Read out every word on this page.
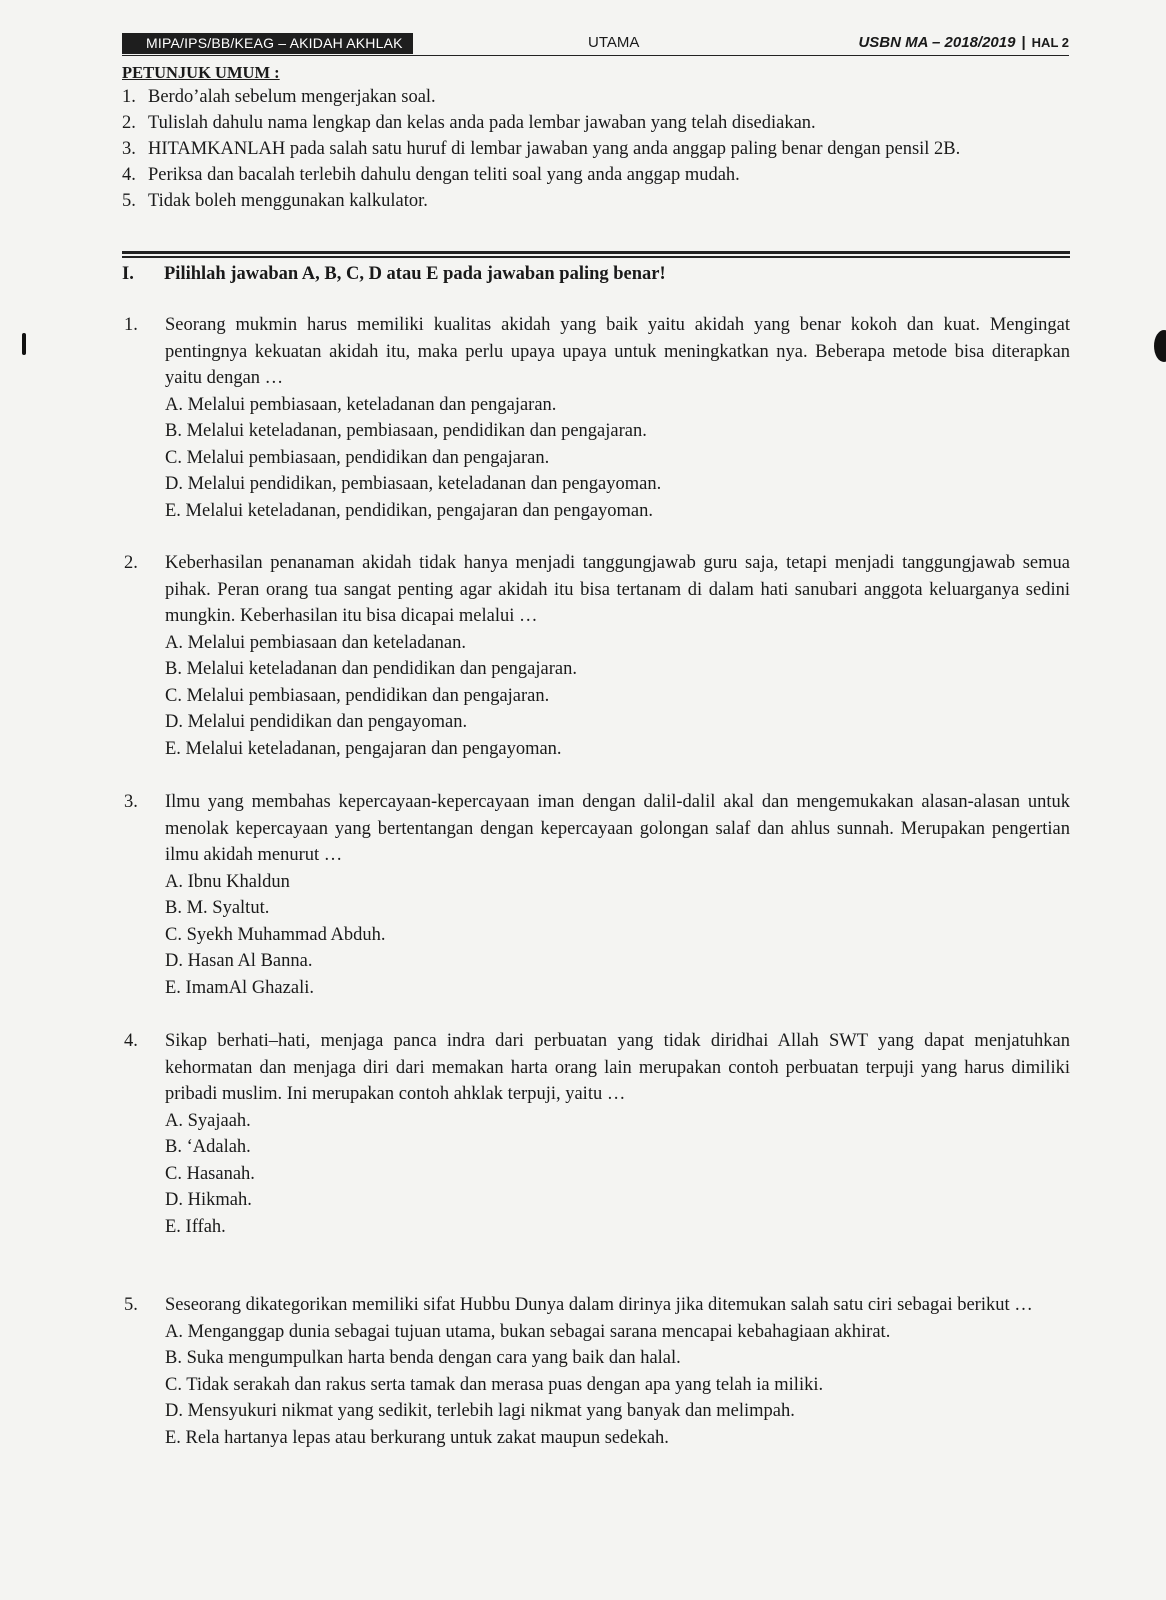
MIPA/IPS/BB/KEAG – AKIDAH AKHLAK	UTAMA	USBN MA – 2018/2019 | HAL 2
PETUNJUK UMUM :
1. Berdo’alah sebelum mengerjakan soal.
2. Tulislah dahulu nama lengkap dan kelas anda pada lembar jawaban yang telah disediakan.
3. HITAMKANLAH pada salah satu huruf di lembar jawaban yang anda anggap paling benar dengan pensil 2B.
4. Periksa dan bacalah terlebih dahulu dengan teliti soal yang anda anggap mudah.
5. Tidak boleh menggunakan kalkulator.
I. Pilihlah jawaban A, B, C, D atau E pada jawaban paling benar!
1. Seorang mukmin harus memiliki kualitas akidah yang baik yaitu akidah yang benar kokoh dan kuat. Mengingat pentingnya kekuatan akidah itu, maka perlu upaya upaya untuk meningkatkan nya. Beberapa metode bisa diterapkan yaitu dengan …
A. Melalui pembiasaan, keteladanan dan pengajaran.
B. Melalui keteladanan, pembiasaan, pendidikan dan pengajaran.
C. Melalui pembiasaan, pendidikan dan pengajaran.
D. Melalui pendidikan, pembiasaan, keteladanan dan pengayoman.
E. Melalui keteladanan, pendidikan, pengajaran dan pengayoman.
2. Keberhasilan penanaman akidah tidak hanya menjadi tanggungjawab guru saja, tetapi menjadi tanggungjawab semua pihak. Peran orang tua sangat penting agar akidah itu bisa tertanam di dalam hati sanubari anggota keluarganya sedini mungkin. Keberhasilan itu bisa dicapai melalui …
A. Melalui pembiasaan dan keteladanan.
B. Melalui keteladanan dan pendidikan dan pengajaran.
C. Melalui pembiasaan, pendidikan dan pengajaran.
D. Melalui pendidikan dan pengayoman.
E. Melalui keteladanan, pengajaran dan pengayoman.
3. Ilmu yang membahas kepercayaan-kepercayaan iman dengan dalil-dalil akal dan mengemukakan alasan-alasan untuk menolak kepercayaan yang bertentangan dengan kepercayaan golongan salaf dan ahlus sunnah. Merupakan pengertian ilmu akidah menurut …
A. Ibnu Khaldun
B. M. Syaltut.
C. Syekh Muhammad Abduh.
D. Hasan Al Banna.
E. ImamAl Ghazali.
4. Sikap berhati–hati, menjaga panca indra dari perbuatan yang tidak diridhai Allah SWT yang dapat menjatuhkan kehormatan dan menjaga diri dari memakan harta orang lain merupakan contoh perbuatan terpuji yang harus dimiliki pribadi muslim. Ini merupakan contoh ahklak terpuji, yaitu …
A. Syajaah.
B. ‘Adalah.
C. Hasanah.
D. Hikmah.
E. Iffah.
5. Seseorang dikategorikan memiliki sifat Hubbu Dunya dalam dirinya jika ditemukan salah satu ciri sebagai berikut …
A. Menganggap dunia sebagai tujuan utama, bukan sebagai sarana mencapai kebahagiaan akhirat.
B. Suka mengumpulkan harta benda dengan cara yang baik dan halal.
C. Tidak serakah dan rakus serta tamak dan merasa puas dengan apa yang telah ia miliki.
D. Mensyukuri nikmat yang sedikit, terlebih lagi nikmat yang banyak dan melimpah.
E. Rela hartanya lepas atau berkurang untuk zakat maupun sedekah.
